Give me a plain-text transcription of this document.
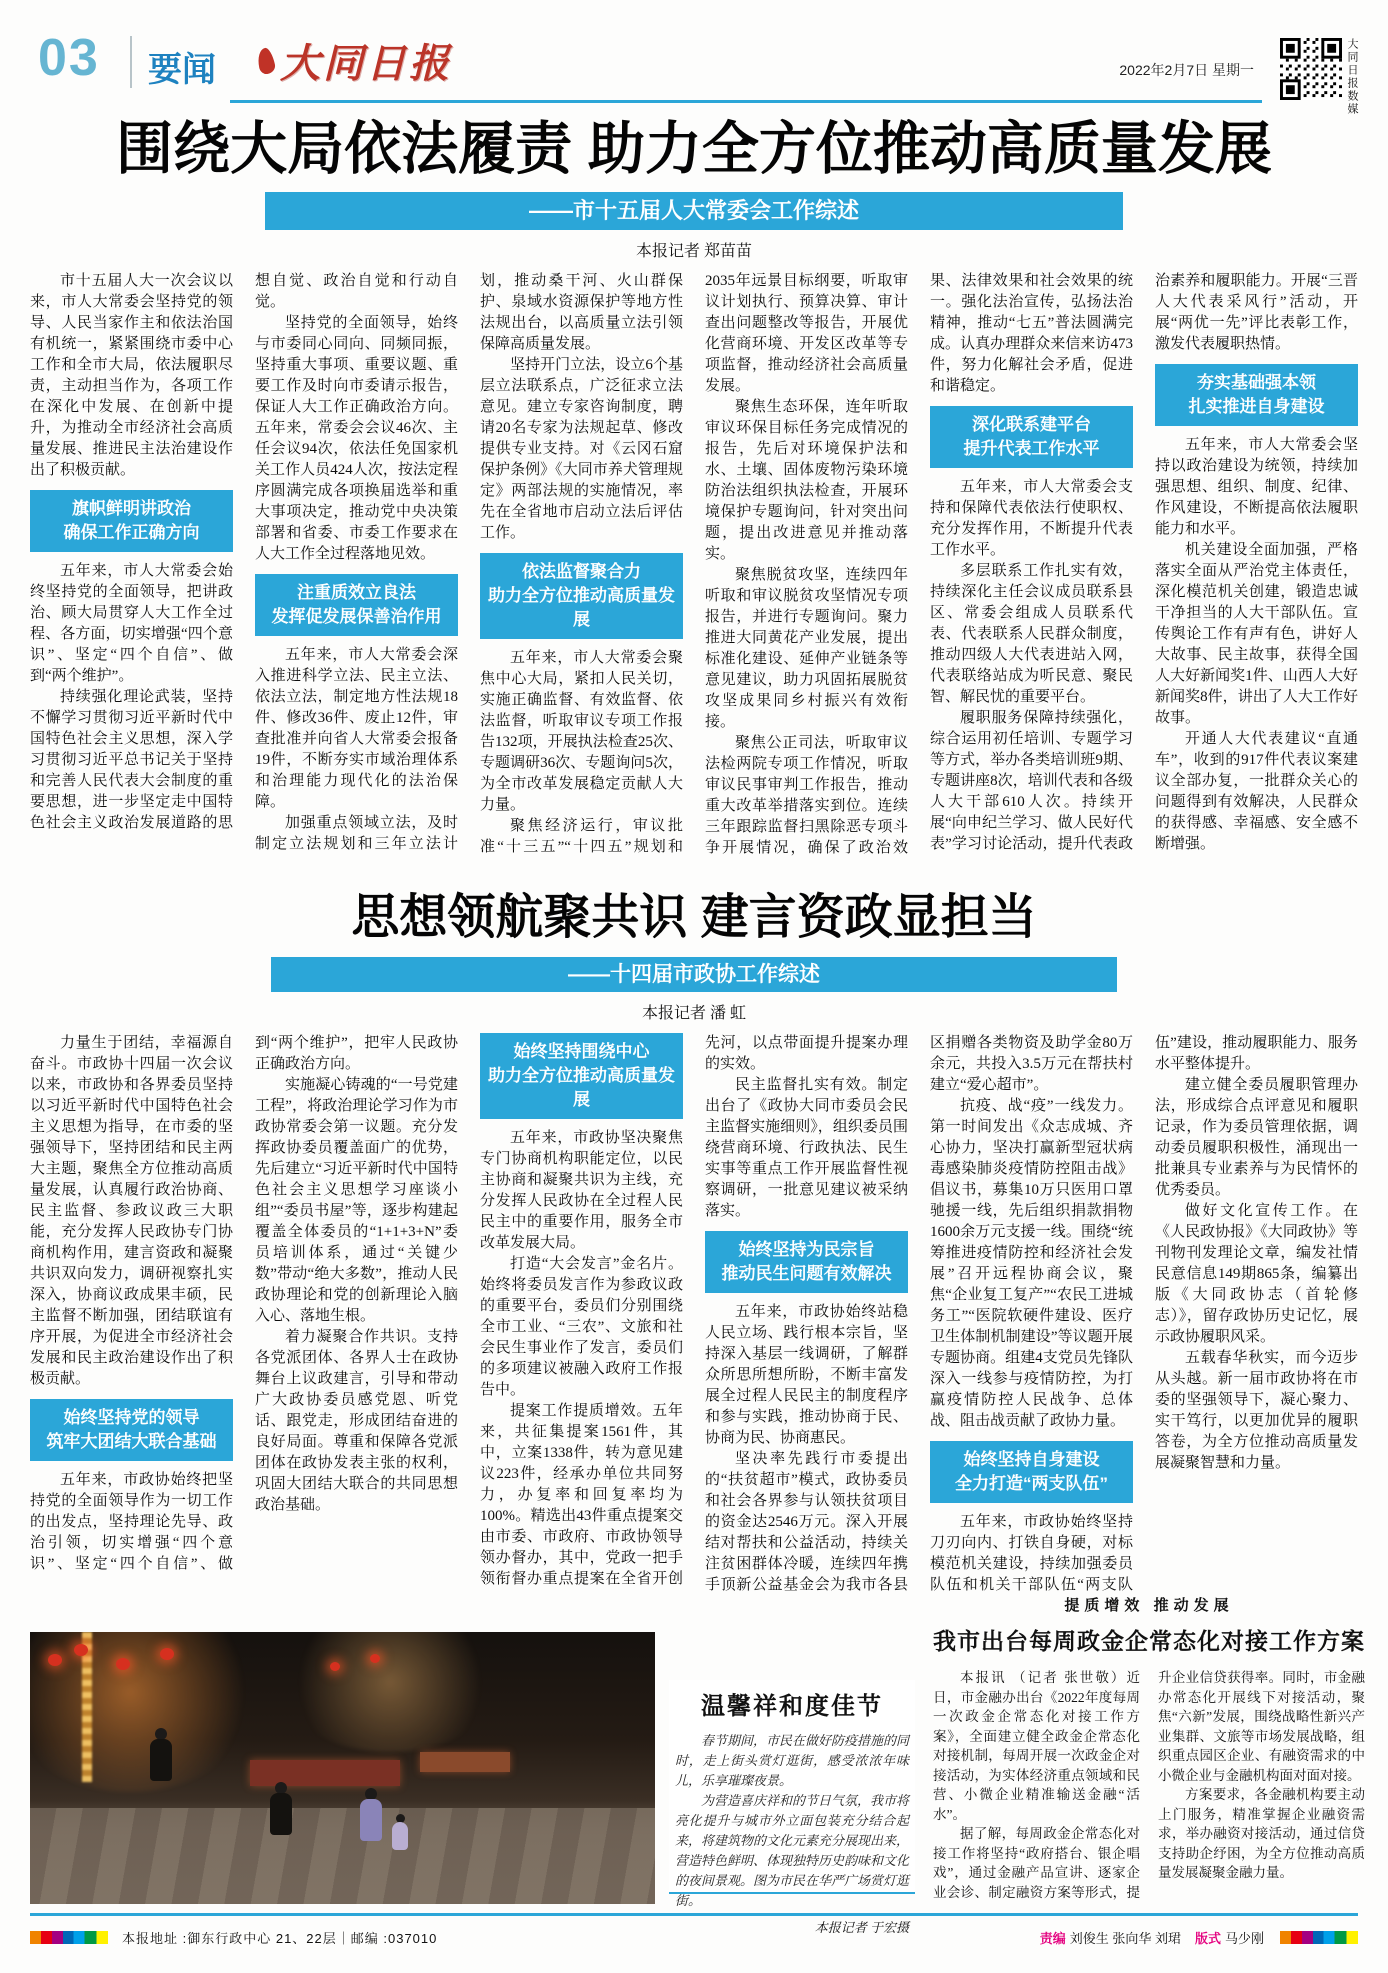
03 要闻 大同日报	2022年2月7日 星期一	大同日报数媒
围绕大局依法履责 助力全方位推动高质量发展
——市十五届人大常委会工作综述
本报记者 郑苗苗

市十五届人大一次会议以来，市人大常委会坚持党的领导、人民当家作主和依法治国有机统一，紧紧围绕市委中心工作和全市大局，依法履职尽责，主动担当作为，各项工作在深化中发展、在创新中提升，为推动全市经济社会高质量发展、推进民主法治建设作出了积极贡献。

旗帜鲜明讲政治
确保工作正确方向

五年来，市人大常委会始终坚持党的全面领导，把讲政治、顾大局贯穿人大工作全过程、各方面，切实增强“四个意识”、坚定“四个自信”、做到“两个维护”。

持续强化理论武装，坚持不懈学习贯彻习近平新时代中国特色社会主义思想，深入学习贯彻习近平总书记关于坚持和完善人民代表大会制度的重要思想，进一步坚定走中国特色社会主义政治发展道路的思想自觉、政治自觉和行动自觉。

坚持党的全面领导，始终与市委同心同向、同频同振，坚持重大事项、重要议题、重要工作及时向市委请示报告，保证人大工作正确政治方向。五年来，常委会会议46次、主任会议94次，依法任免国家机关工作人员424人次，按法定程序圆满完成各项换届选举和重大事项决定，推动党中央决策部署和省委、市委工作要求在人大工作全过程落地见效。

注重质效立良法
发挥促发展保善治作用

五年来，市人大常委会深入推进科学立法、民主立法、依法立法，制定地方性法规18件、修改36件、废止12件，审查批准并向省人大常委会报备19件，不断夯实市域治理体系和治理能力现代化的法治保障。

加强重点领域立法，及时制定立法规划和三年立法计划，推动桑干河、火山群保护、泉域水资源保护等地方性法规出台，以高质量立法引领保障高质量发展。

坚持开门立法，设立6个基层立法联系点，广泛征求立法意见。建立专家咨询制度，聘请20名专家为法规起草、修改提供专业支持。对《云冈石窟保护条例》《大同市养犬管理规定》两部法规的实施情况，率先在全省地市启动立法后评估工作。

依法监督聚合力
助力全方位推动高质量发展

五年来，市人大常委会聚焦中心大局，紧扣人民关切，实施正确监督、有效监督、依法监督，听取审议专项工作报告132项，开展执法检查25次、专题调研36次、专题询问5次，为全市改革发展稳定贡献人大力量。

聚焦经济运行，审议批准“十三五”“十四五”规划和2035年远景目标纲要，听取审议计划执行、预算决算、审计查出问题整改等报告，开展优化营商环境、开发区改革等专项监督，推动经济社会高质量发展。

聚焦生态环保，连年听取审议环保目标任务完成情况的报告，先后对环境保护法和水、土壤、固体废物污染环境防治法组织执法检查，开展环境保护专题询问，针对突出问题，提出改进意见并推动落实。

聚焦脱贫攻坚，连续四年听取和审议脱贫攻坚情况专项报告，并进行专题询问。聚力推进大同黄花产业发展，提出标准化建设、延伸产业链条等意见建议，助力巩固拓展脱贫攻坚成果同乡村振兴有效衔接。

聚焦公正司法，听取审议法检两院专项工作情况，听取审议民事审判工作报告，推动重大改革举措落实到位。连续三年跟踪监督扫黑除恶专项斗争开展情况，确保了政治效果、法律效果和社会效果的统一。强化法治宣传，弘扬法治精神，推动“七五”普法圆满完成。认真办理群众来信来访473件，努力化解社会矛盾，促进和谐稳定。

深化联系建平台
提升代表工作水平

五年来，市人大常委会支持和保障代表依法行使职权、充分发挥作用，不断提升代表工作水平。

多层联系工作扎实有效，持续深化主任会议成员联系县区、常委会组成人员联系代表、代表联系人民群众制度，推动四级人大代表进站入网，代表联络站成为听民意、聚民智、解民忧的重要平台。

履职服务保障持续强化，综合运用初任培训、专题学习等方式，举办各类培训班9期、专题讲座8次，培训代表和各级人大干部610人次。持续开展“向申纪兰学习、做人民好代表”学习讨论活动，提升代表政治素养和履职能力。开展“三晋人大代表采风行”活动，开展“两优一先”评比表彰工作，激发代表履职热情。

夯实基础强本领
扎实推进自身建设

五年来，市人大常委会坚持以政治建设为统领，持续加强思想、组织、制度、纪律、作风建设，不断提高依法履职能力和水平。

机关建设全面加强，严格落实全面从严治党主体责任，深化模范机关创建，锻造忠诚干净担当的人大干部队伍。宣传舆论工作有声有色，讲好人大故事、民主故事，获得全国人大好新闻奖1件、山西人大好新闻奖8件，讲出了人大工作好故事。

开通人大代表建议“直通车”，收到的917件代表议案建议全部办复，一批群众关心的问题得到有效解决，人民群众的获得感、幸福感、安全感不断增强。

思想领航聚共识 建言资政显担当
——十四届市政协工作综述
本报记者 潘 虹

力量生于团结，幸福源自奋斗。市政协十四届一次会议以来，市政协和各界委员坚持以习近平新时代中国特色社会主义思想为指导，在市委的坚强领导下，坚持团结和民主两大主题，聚焦全方位推动高质量发展，认真履行政治协商、民主监督、参政议政三大职能，充分发挥人民政协专门协商机构作用，建言资政和凝聚共识双向发力，调研视察扎实深入，协商议政成果丰硕，民主监督不断加强，团结联谊有序开展，为促进全市经济社会发展和民主政治建设作出了积极贡献。

始终坚持党的领导
筑牢大团结大联合基础

五年来，市政协始终把坚持党的全面领导作为一切工作的出发点，坚持理论先导、政治引领，切实增强“四个意识”、坚定“四个自信”、做到“两个维护”，把牢人民政协正确政治方向。

实施凝心铸魂的“一号党建工程”，将政治理论学习作为市政协常委会第一议题。充分发挥政协委员覆盖面广的优势，先后建立“习近平新时代中国特色社会主义思想学习座谈小组”“委员书屋”等，逐步构建起覆盖全体委员的“1+1+3+N”委员培训体系，通过“关键少数”带动“绝大多数”，推动人民政协理论和党的创新理论入脑入心、落地生根。

着力凝聚合作共识。支持各党派团体、各界人士在政协舞台上议政建言，引导和带动广大政协委员感党恩、听党话、跟党走，形成团结奋进的良好局面。尊重和保障各党派团体在政协发表主张的权利，巩固大团结大联合的共同思想政治基础。

始终坚持围绕中心
助力全方位推动高质量发展

五年来，市政协坚决聚焦专门协商机构职能定位，以民主协商和凝聚共识为主线，充分发挥人民政协在全过程人民民主中的重要作用，服务全市改革发展大局。

打造“大会发言”金名片。始终将委员发言作为参政议政的重要平台，委员们分别围绕全市工业、“三农”、文旅和社会民生事业作了发言，委员们的多项建议被融入政府工作报告中。

提案工作提质增效。五年来，共征集提案1561件，其中，立案1338件，转为意见建议223件，经承办单位共同努力，办复率和回复率均为100%。精选出43件重点提案交由市委、市政府、市政协领导领办督办，其中，党政一把手领衔督办重点提案在全省开创先河，以点带面提升提案办理的实效。

民主监督扎实有效。制定出台了《政协大同市委员会民主监督实施细则》，组织委员围绕营商环境、行政执法、民生实事等重点工作开展监督性视察调研，一批意见建议被采纳落实。

始终坚持为民宗旨
推动民生问题有效解决

五年来，市政协始终站稳人民立场、践行根本宗旨，坚持深入基层一线调研，了解群众所思所想所盼，不断丰富发展全过程人民民主的制度程序和参与实践，推动协商于民、协商为民、协商惠民。

坚决率先践行市委提出的“扶贫超市”模式，政协委员和社会各界参与认领扶贫项目的资金达2546万元。深入开展结对帮扶和公益活动，持续关注贫困群体冷暖，连续四年携手顶新公益基金会为我市各县区捐赠各类物资及助学金80万余元，共投入3.5万元在帮扶村建立“爱心超市”。

抗疫、战“疫”一线发力。第一时间发出《众志成城、齐心协力，坚决打赢新型冠状病毒感染肺炎疫情防控阻击战》倡议书，募集10万只医用口罩驰援一线，先后组织捐款捐物1600余万元支援一线。围绕“统筹推进疫情防控和经济社会发展”召开远程协商会议，聚焦“企业复工复产”“农民工进城务工”“医院软硬件建设、医疗卫生体制机制建设”等议题开展专题协商。组建4支党员先锋队深入一线参与疫情防控，为打赢疫情防控人民战争、总体战、阻击战贡献了政协力量。

始终坚持自身建设
全力打造“两支队伍”

五年来，市政协始终坚持刀刃向内、打铁自身硬，对标模范机关建设，持续加强委员队伍和机关干部队伍“两支队伍”建设，推动履职能力、服务水平整体提升。

建立健全委员履职管理办法，形成综合点评意见和履职记录，作为委员管理依据，调动委员履职积极性，涌现出一批兼具专业素养与为民情怀的优秀委员。

做好文化宣传工作。在《人民政协报》《大同政协》等刊物刊发理论文章，编发社情民意信息149期865条，编纂出版《大同政协志（首轮修志）》，留存政协历史记忆，展示政协履职风采。

五载春华秋实，而今迈步从头越。新一届市政协将在市委的坚强领导下，凝心聚力、实干笃行，以更加优异的履职答卷，为全方位推动高质量发展凝聚智慧和力量。

温馨祥和度佳节

春节期间，市民在做好防疫措施的同时，走上街头赏灯逛街，感受浓浓年味儿，乐享璀璨夜景。

为营造喜庆祥和的节日气氛，我市将亮化提升与城市外立面包装充分结合起来，将建筑物的文化元素充分展现出来，营造特色鲜明、体现独特历史韵味和文化的夜间景观。图为市民在华严广场赏灯逛街。

本报记者 于宏摄
提质增效 推动发展
我市出台每周政金企常态化对接工作方案

本报讯 （记者 张世敬）近日，市金融办出台《2022年度每周一次政金企常态化对接工作方案》，全面建立健全政金企常态化对接机制，每周开展一次政金企对接活动，为实体经济重点领域和民营、小微企业精准输送金融“活水”。

据了解，每周政金企常态化对接工作将坚持“政府搭台、银企唱戏”，通过金融产品宣讲、逐家企业会诊、制定融资方案等形式，提升企业信贷获得率。同时，市金融办常态化开展线下对接活动，聚焦“六新”发展，围绕战略性新兴产业集群、文旅等市场发展战略，组织重点园区企业、有融资需求的中小微企业与金融机构面对面对接。

方案要求，各金融机构要主动上门服务，精准掌握企业融资需求，举办融资对接活动，通过信贷支持助企纾困，为全方位推动高质量发展凝聚金融力量。

本报地址 :御东行政中心 21、22层｜邮编 :037010	责编 刘俊生 张向华 刘珺 版式 马少刚
